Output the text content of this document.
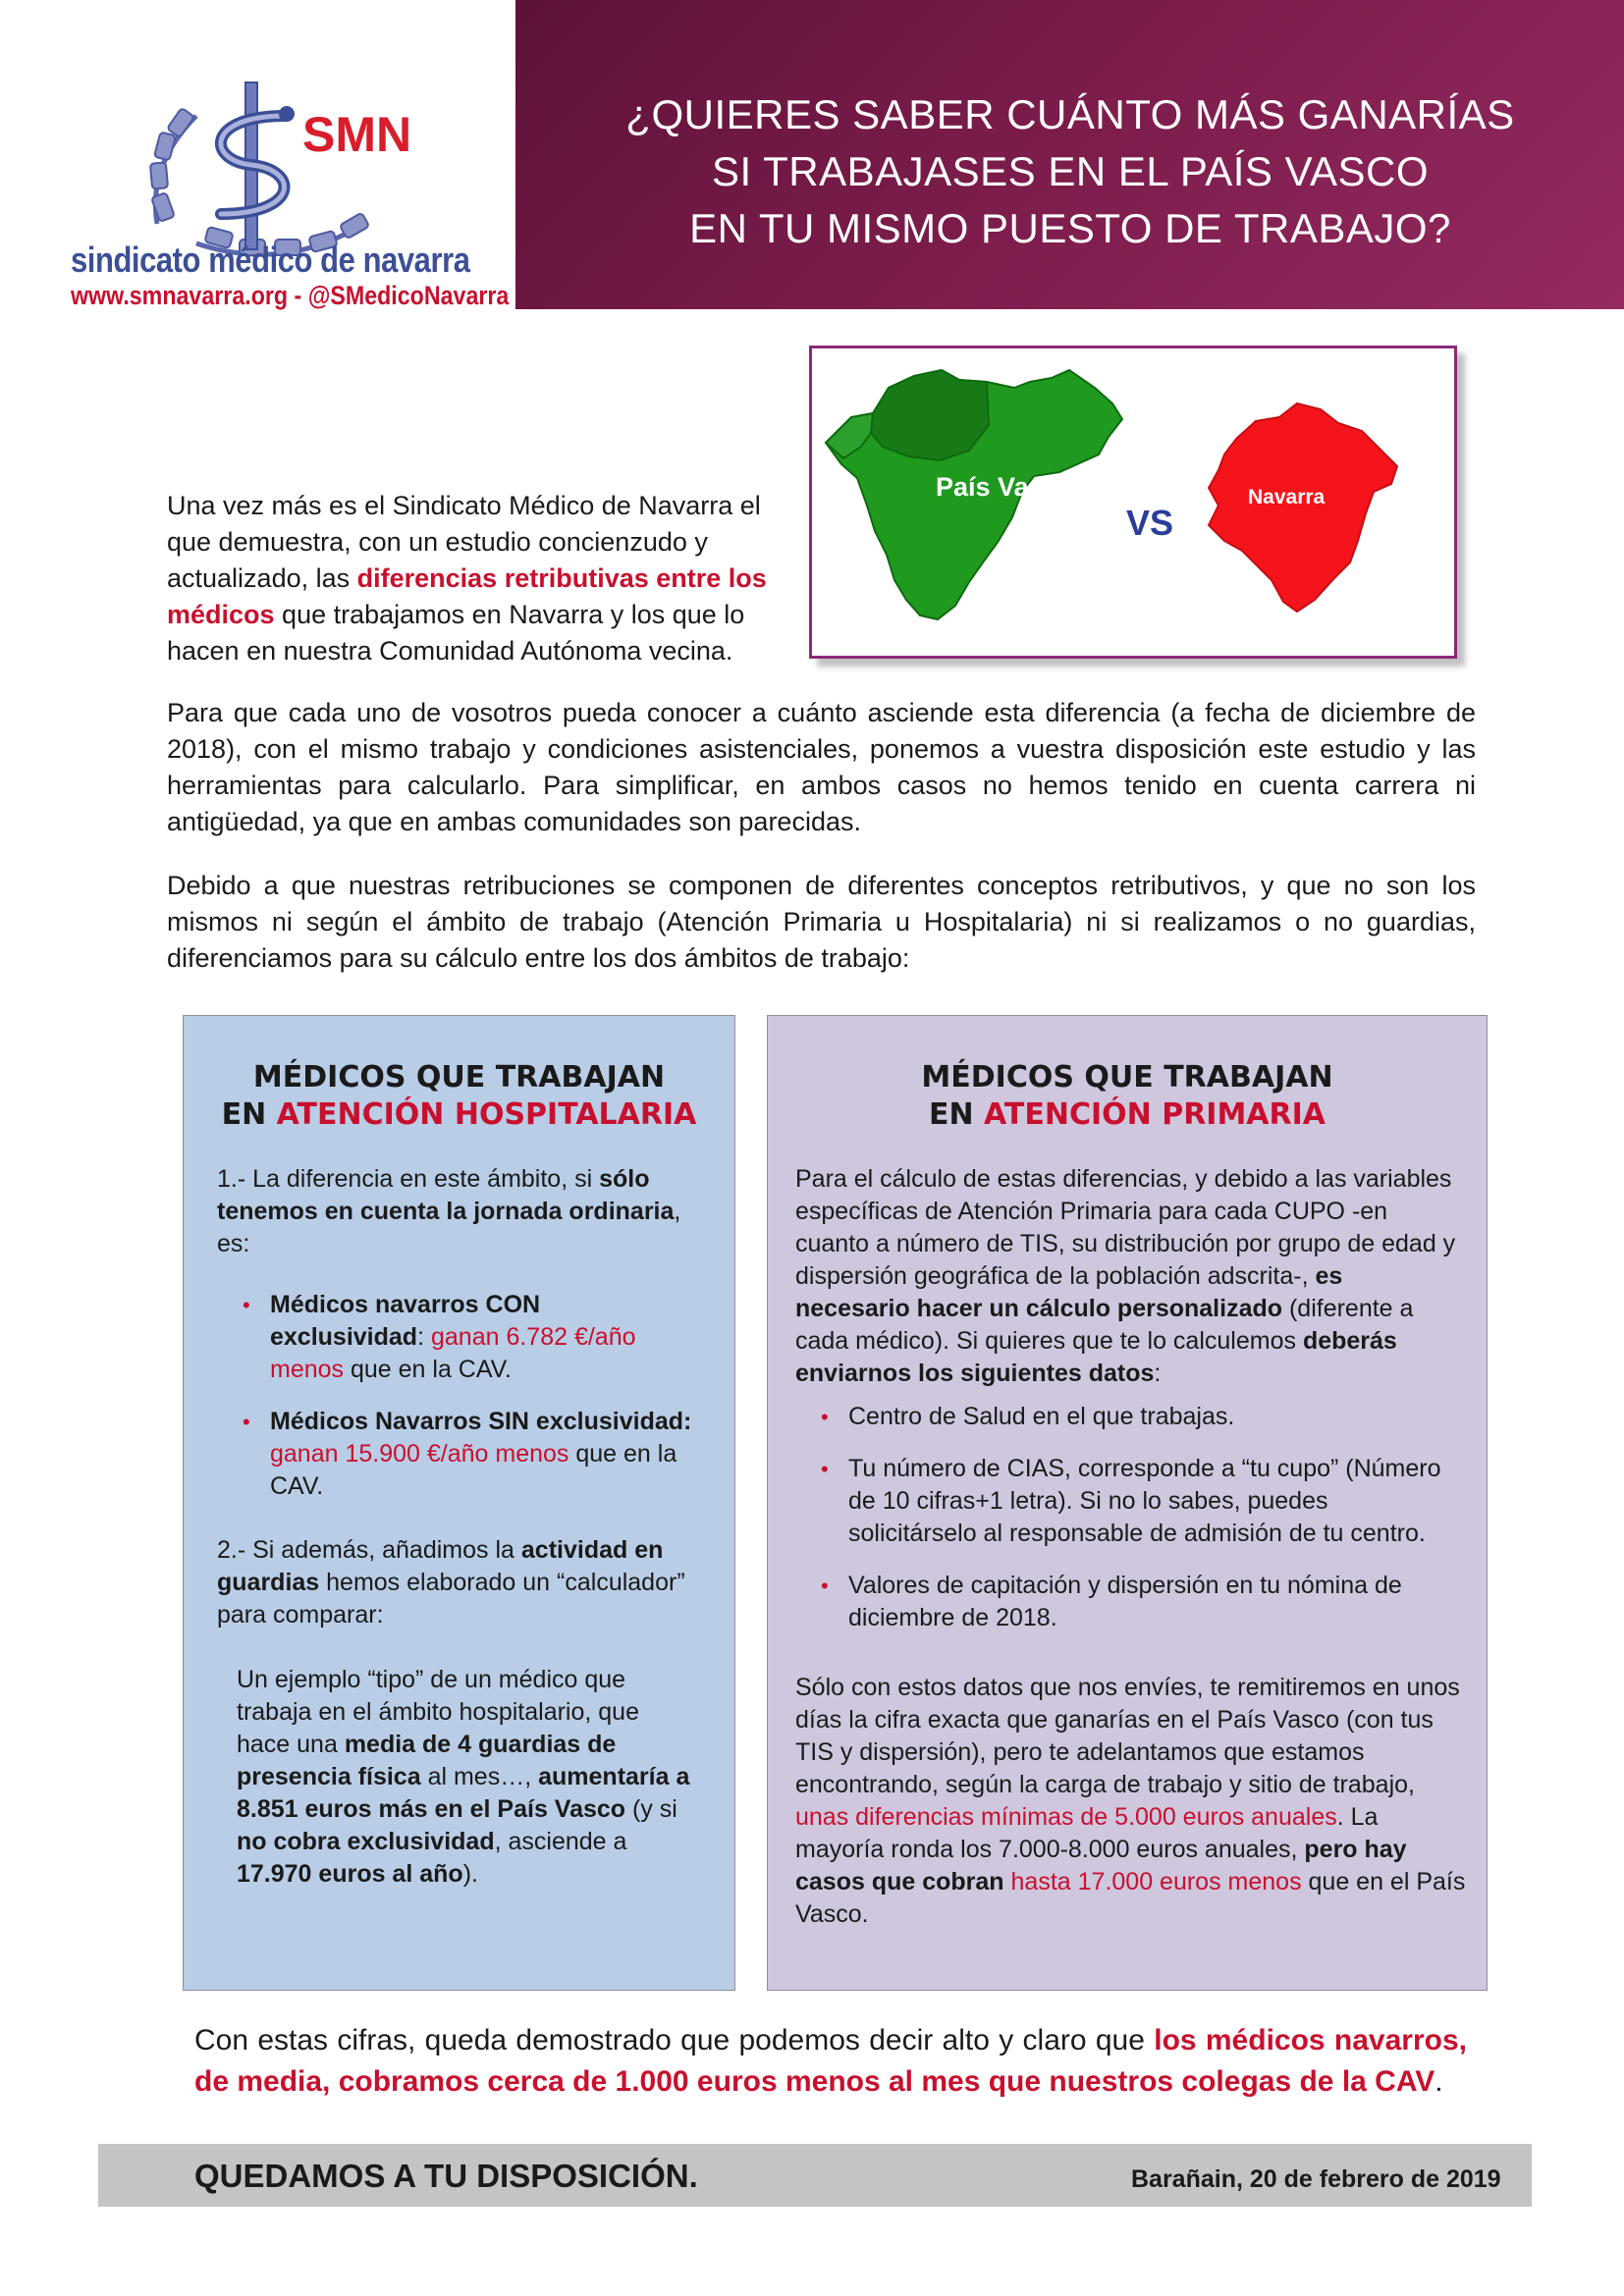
¿QUIERES SABER CUÁNTO MÁS GANARÍAS
SI TRABAJASES EN EL PAÍS VASCO
EN TU MISMO PUESTO DE TRABAJO?
SMN
sindicato médico de navarra
www.smnavarra.org - @SMedicoNavarra
País Vasco
VS
Navarra
Una vez más es el Sindicato Médico de Navarra el que demuestra, con un estudio concienzudo y actualizado, las diferencias retributivas entre los médicos que trabajamos en Navarra y los que lo hacen en nuestra Comunidad Autónoma vecina.
Para que cada uno de vosotros pueda conocer a cuánto asciende esta diferencia (a fecha de diciembre de 2018), con el mismo trabajo y condiciones asistenciales, ponemos a vuestra disposición este estudio y las herramientas para calcularlo. Para simplificar, en ambos casos no hemos tenido en cuenta carrera ni antigüedad, ya que en ambas comunidades son parecidas.
Debido a que nuestras retribuciones se componen de diferentes conceptos retributivos, y que no son los mismos ni según el ámbito de trabajo (Atención Primaria u Hospitalaria) ni si realizamos o no guardias, diferenciamos para su cálculo entre los dos ámbitos de trabajo:
MÉDICOS QUE TRABAJAN
EN ATENCIÓN HOSPITALARIA
1.- La diferencia en este ámbito, si sólo tenemos en cuenta la jornada ordinaria, es:
• Médicos navarros CON exclusividad: ganan 6.782 €/año menos que en la CAV.
• Médicos Navarros SIN exclusividad: ganan 15.900 €/año menos que en la CAV.
2.- Si además, añadimos la actividad en guardias hemos elaborado un “calculador” para comparar:
Un ejemplo “tipo” de un médico que trabaja en el ámbito hospitalario, que hace una media de 4 guardias de presencia física al mes…, aumentaría a 8.851 euros más en el País Vasco (y si no cobra exclusividad, asciende a 17.970 euros al año).
MÉDICOS QUE TRABAJAN
EN ATENCIÓN PRIMARIA
Para el cálculo de estas diferencias, y debido a las variables específicas de Atención Primaria para cada CUPO -en cuanto a número de TIS, su distribución por grupo de edad y dispersión geográfica de la población adscrita-, es necesario hacer un cálculo personalizado (diferente a cada médico). Si quieres que te lo calculemos deberás enviarnos los siguientes datos:
• Centro de Salud en el que trabajas.
• Tu número de CIAS, corresponde a “tu cupo” (Número de 10 cifras+1 letra). Si no lo sabes, puedes solicitárselo al responsable de admisión de tu centro.
• Valores de capitación y dispersión en tu nómina de diciembre de 2018.
Sólo con estos datos que nos envíes, te remitiremos en unos días la cifra exacta que ganarías en el País Vasco (con tus TIS y dispersión), pero te adelantamos que estamos encontrando, según la carga de trabajo y sitio de trabajo, unas diferencias mínimas de 5.000 euros anuales. La mayoría ronda los 7.000-8.000 euros anuales, pero hay casos que cobran hasta 17.000 euros menos que en el País Vasco.
Con estas cifras, queda demostrado que podemos decir alto y claro que los médicos navarros, de media, cobramos cerca de 1.000 euros menos al mes que nuestros colegas de la CAV.
QUEDAMOS A TU DISPOSICIÓN.	Barañain, 20 de febrero de 2019
